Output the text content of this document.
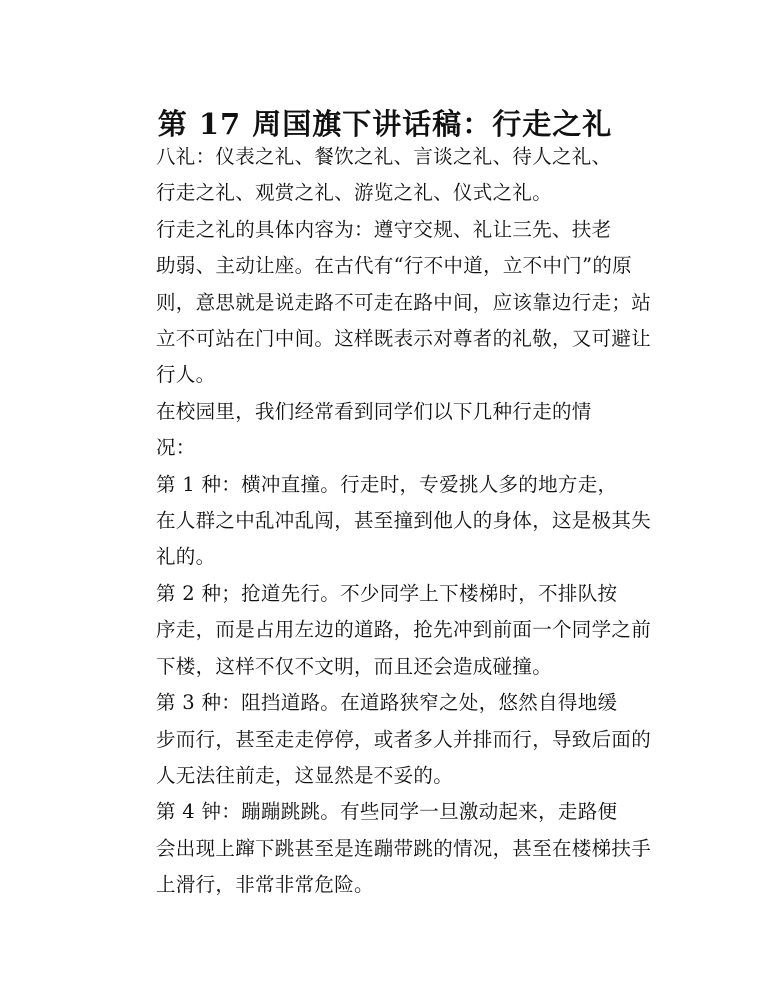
第 17 周国旗下讲话稿：行走之礼

八礼：仪表之礼、餐饮之礼、言谈之礼、待人之礼、
行走之礼、观赏之礼、游览之礼、仪式之礼。

行走之礼的具体内容为：遵守交规、礼让三先、扶老
助弱、主动让座。在古代有“行不中道，立不中门”的原
则，意思就是说走路不可走在路中间，应该靠边行走；站
立不可站在门中间。这样既表示对尊者的礼敬，又可避让
行人。

在校园里，我们经常看到同学们以下几种行走的情
况：

第 1 种：横冲直撞。行走时，专爱挑人多的地方走，
在人群之中乱冲乱闯，甚至撞到他人的身体，这是极其失
礼的。

第 2 种；抢道先行。不少同学上下楼梯时，不排队按
序走，而是占用左边的道路，抢先冲到前面一个同学之前
下楼，这样不仅不文明，而且还会造成碰撞。

第 3 种：阻挡道路。在道路狭窄之处，悠然自得地缓
步而行，甚至走走停停，或者多人并排而行，导致后面的
人无法往前走，这显然是不妥的。

第 4 钟：蹦蹦跳跳。有些同学一旦激动起来，走路便
会出现上蹿下跳甚至是连蹦带跳的情况，甚至在楼梯扶手
上滑行，非常非常危险。
